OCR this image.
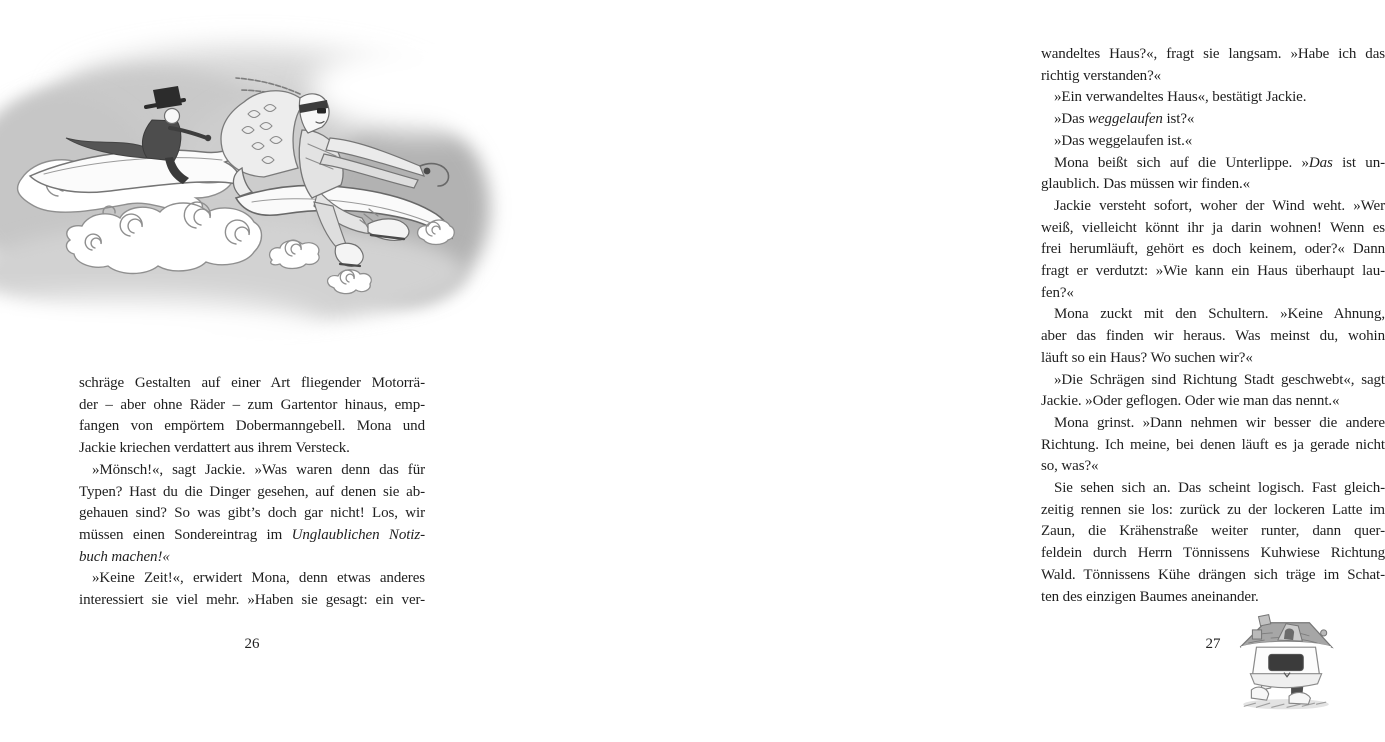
schräge Gestalten auf einer Art fliegender Motorrä-
der – aber ohne Räder – zum Gartentor hinaus, emp-
fangen von empörtem Dobermanngebell. Mona und
Jackie kriechen verdattert aus ihrem Versteck.
»Mönsch!«, sagt Jackie. »Was waren denn das für
Typen? Hast du die Dinger gesehen, auf denen sie ab-
gehauen sind? So was gibt’s doch gar nicht! Los, wir
müssen einen Sondereintrag im Unglaublichen Notiz-
buch machen!«
»Keine Zeit!«, erwidert Mona, denn etwas anderes
interessiert sie viel mehr. »Haben sie gesagt: ein ver-
26
wandeltes Haus?«, fragt sie langsam. »Habe ich das
richtig verstanden?«
»Ein verwandeltes Haus«, bestätigt Jackie.
»Das weggelaufen ist?«
»Das weggelaufen ist.«
Mona beißt sich auf die Unterlippe. »Das ist un-
glaublich. Das müssen wir finden.«
Jackie versteht sofort, woher der Wind weht. »Wer
weiß, vielleicht könnt ihr ja darin wohnen! Wenn es
frei herumläuft, gehört es doch keinem, oder?« Dann
fragt er verdutzt: »Wie kann ein Haus überhaupt lau-
fen?«
Mona zuckt mit den Schultern. »Keine Ahnung,
aber das finden wir heraus. Was meinst du, wohin
läuft so ein Haus? Wo suchen wir?«
»Die Schrägen sind Richtung Stadt geschwebt«, sagt
Jackie. »Oder geflogen. Oder wie man das nennt.«
Mona grinst. »Dann nehmen wir besser die andere
Richtung. Ich meine, bei denen läuft es ja gerade nicht
so, was?«
Sie sehen sich an. Das scheint logisch. Fast gleich-
zeitig rennen sie los: zurück zu der lockeren Latte im
Zaun, die Krähenstraße weiter runter, dann quer-
feldein durch Herrn Tönnissens Kuhwiese Richtung
Wald. Tönnissens Kühe drängen sich träge im Schat-
ten des einzigen Baumes aneinander.
27
